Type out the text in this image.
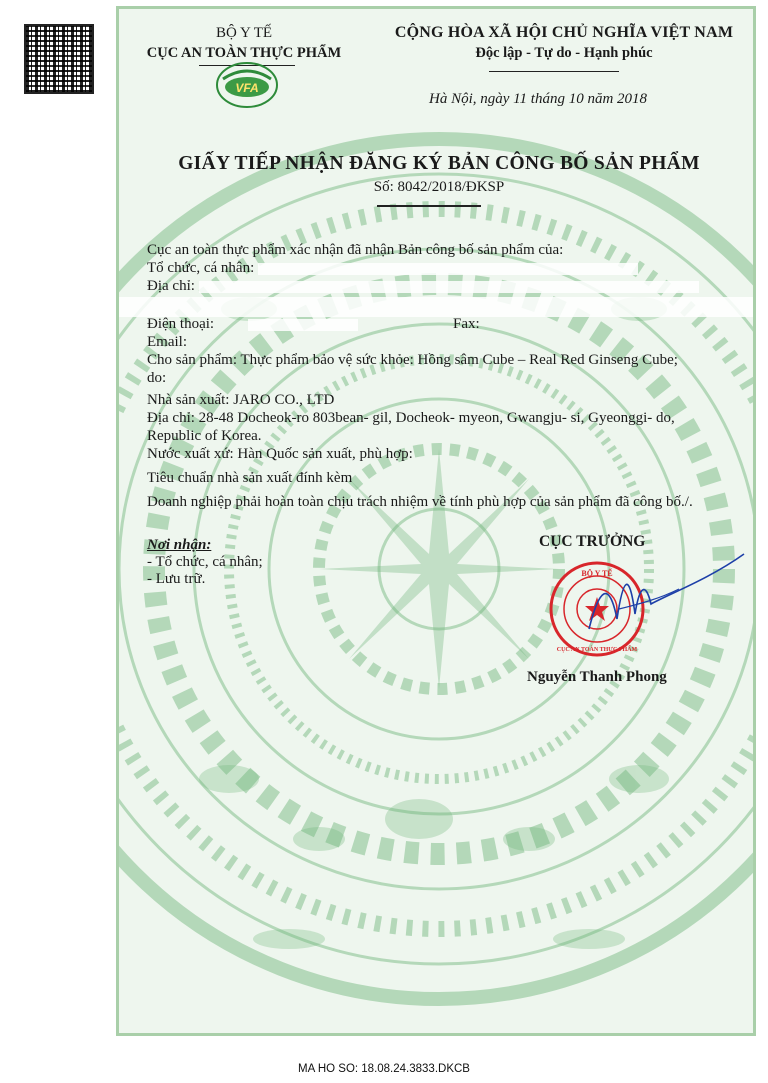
BỘ Y TẾ
CỤC AN TOÀN THỰC PHẨM
VFA
CỘNG HÒA XÃ HỘI CHỦ NGHĨA VIỆT NAM
Độc lập - Tự do - Hạnh phúc
Hà Nội, ngày 11 tháng 10 năm 2018
GIẤY TIẾP NHẬN ĐĂNG KÝ BẢN CÔNG BỐ SẢN PHẨM
Số: 8042/2018/ĐKSP
Cục an toàn thực phẩm xác nhận đã nhận Bản công bố sản phẩm của:
Tổ chức, cá nhân:
Địa chỉ:
Điện thoại:	Fax:
Email:
Cho sản phẩm: Thực phẩm bảo vệ sức khỏe: Hồng sâm Cube – Real Red Ginseng Cube;
do:
Nhà sản xuất: JARO CO., LTD
Địa chỉ: 28-48 Docheok-ro 803bean- gil, Docheok- myeon, Gwangju- si, Gyeonggi- do,
Republic of Korea.
Nước xuất xứ: Hàn Quốc sản xuất, phù hợp:
Tiêu chuẩn nhà sản xuất đính kèm
Doanh nghiệp phải hoàn toàn chịu trách nhiệm về tính phù hợp của sản phẩm đã công bố./.
Nơi nhận:
- Tổ chức, cá nhân;
- Lưu trữ.
CỤC TRƯỞNG
BỘ Y TẾ
CỤC AN TOÀN THỰC PHẨM
Nguyễn Thanh Phong
MA HO SO: 18.08.24.3833.DKCB
